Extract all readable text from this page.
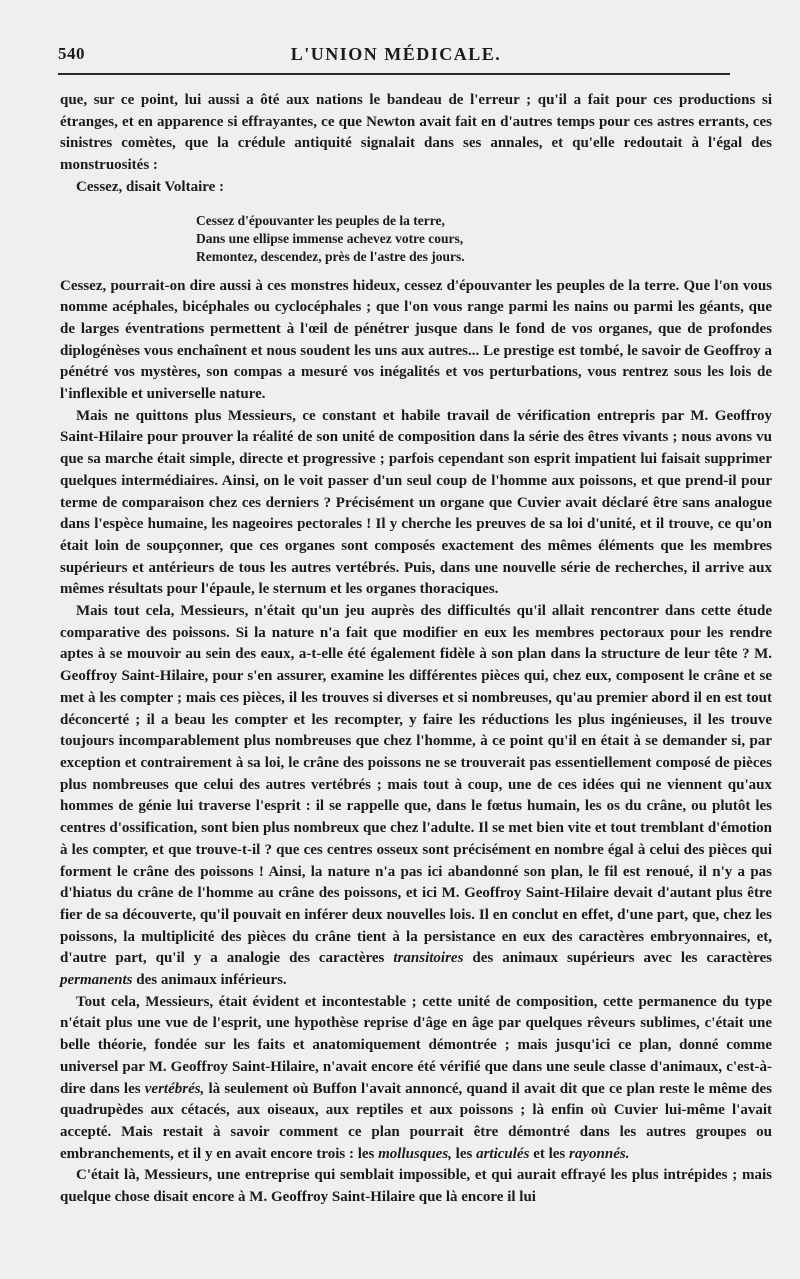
540	L'UNION MÉDICALE.

que, sur ce point, lui aussi a ôté aux nations le bandeau de l'erreur ; qu'il a fait pour ces productions si étranges, et en apparence si effrayantes, ce que Newton avait fait en d'autres temps pour ces astres errants, ces sinistres comètes, que la crédule antiquité signalait dans ses annales, et qu'elle redoutait à l'égal des monstruosités :

Cessez, disait Voltaire :

Cessez d'épouvanter les peuples de la terre,
Dans une ellipse immense achevez votre cours,
Remontez, descendez, près de l'astre des jours.

Cessez, pourrait-on dire aussi à ces monstres hideux, cessez d'épouvanter les peuples de la terre. Que l'on vous nomme acéphales, bicéphales ou cyclocéphales ; que l'on vous range parmi les nains ou parmi les géants, que de larges éventrations permettent à l'œil de pénétrer jusque dans le fond de vos organes, que de profondes diplogénèses vous enchaînent et nous soudent les uns aux autres... Le prestige est tombé, le savoir de Geoffroy a pénétré vos mystères, son compas a mesuré vos inégalités et vos perturbations, vous rentrez sous les lois de l'inflexible et universelle nature.

Mais ne quittons plus Messieurs, ce constant et habile travail de vérification entrepris par M. Geoffroy Saint-Hilaire pour prouver la réalité de son unité de composition dans la série des êtres vivants ; nous avons vu que sa marche était simple, directe et progressive ; parfois cependant son esprit impatient lui faisait supprimer quelques intermédiaires. Ainsi, on le voit passer d'un seul coup de l'homme aux poissons, et que prend-il pour terme de comparaison chez ces derniers ? Précisément un organe que Cuvier avait déclaré être sans analogue dans l'espèce humaine, les nageoires pectorales ! Il y cherche les preuves de sa loi d'unité, et il trouve, ce qu'on était loin de soupçonner, que ces organes sont composés exactement des mêmes éléments que les membres supérieurs et antérieurs de tous les autres vertébrés. Puis, dans une nouvelle série de recherches, il arrive aux mêmes résultats pour l'épaule, le sternum et les organes thoraciques.

Mais tout cela, Messieurs, n'était qu'un jeu auprès des difficultés qu'il allait rencontrer dans cette étude comparative des poissons. Si la nature n'a fait que modifier en eux les membres pectoraux pour les rendre aptes à se mouvoir au sein des eaux, a-t-elle été également fidèle à son plan dans la structure de leur tête ? M. Geoffroy Saint-Hilaire, pour s'en assurer, examine les différentes pièces qui, chez eux, composent le crâne et se met à les compter ; mais ces pièces, il les trouves si diverses et si nombreuses, qu'au premier abord il en est tout déconcerté ; il a beau les compter et les recompter, y faire les réductions les plus ingénieuses, il les trouve toujours incomparablement plus nombreuses que chez l'homme, à ce point qu'il en était à se demander si, par exception et contrairement à sa loi, le crâne des poissons ne se trouverait pas essentiellement composé de pièces plus nombreuses que celui des autres vertébrés ; mais tout à coup, une de ces idées qui ne viennent qu'aux hommes de génie lui traverse l'esprit : il se rappelle que, dans le fœtus humain, les os du crâne, ou plutôt les centres d'ossification, sont bien plus nombreux que chez l'adulte. Il se met bien vite et tout tremblant d'émotion à les compter, et que trouve-t-il ? que ces centres osseux sont précisément en nombre égal à celui des pièces qui forment le crâne des poissons ! Ainsi, la nature n'a pas ici abandonné son plan, le fil est renoué, il n'y a pas d'hiatus du crâne de l'homme au crâne des poissons, et ici M. Geoffroy Saint-Hilaire devait d'autant plus être fier de sa découverte, qu'il pouvait en inférer deux nouvelles lois. Il en conclut en effet, d'une part, que, chez les poissons, la multiplicité des pièces du crâne tient à la persistance en eux des caractères embryonnaires, et, d'autre part, qu'il y a analogie des caractères transitoires des animaux supérieurs avec les caractères permanents des animaux inférieurs.

Tout cela, Messieurs, était évident et incontestable ; cette unité de composition, cette permanence du type n'était plus une vue de l'esprit, une hypothèse reprise d'âge en âge par quelques rêveurs sublimes, c'était une belle théorie, fondée sur les faits et anatomiquement démontrée ; mais jusqu'ici ce plan, donné comme universel par M. Geoffroy Saint-Hilaire, n'avait encore été vérifié que dans une seule classe d'animaux, c'est-à-dire dans les vertébrés, là seulement où Buffon l'avait annoncé, quand il avait dit que ce plan reste le même des quadrupèdes aux cétacés, aux oiseaux, aux reptiles et aux poissons ; là enfin où Cuvier lui-même l'avait accepté. Mais restait à savoir comment ce plan pourrait être démontré dans les autres groupes ou embranchements, et il y en avait encore trois : les mollusques, les articulés et les rayonnés.

C'était là, Messieurs, une entreprise qui semblait impossible, et qui aurait effrayé les plus intrépides ; mais quelque chose disait encore à M. Geoffroy Saint-Hilaire que là encore il lui
